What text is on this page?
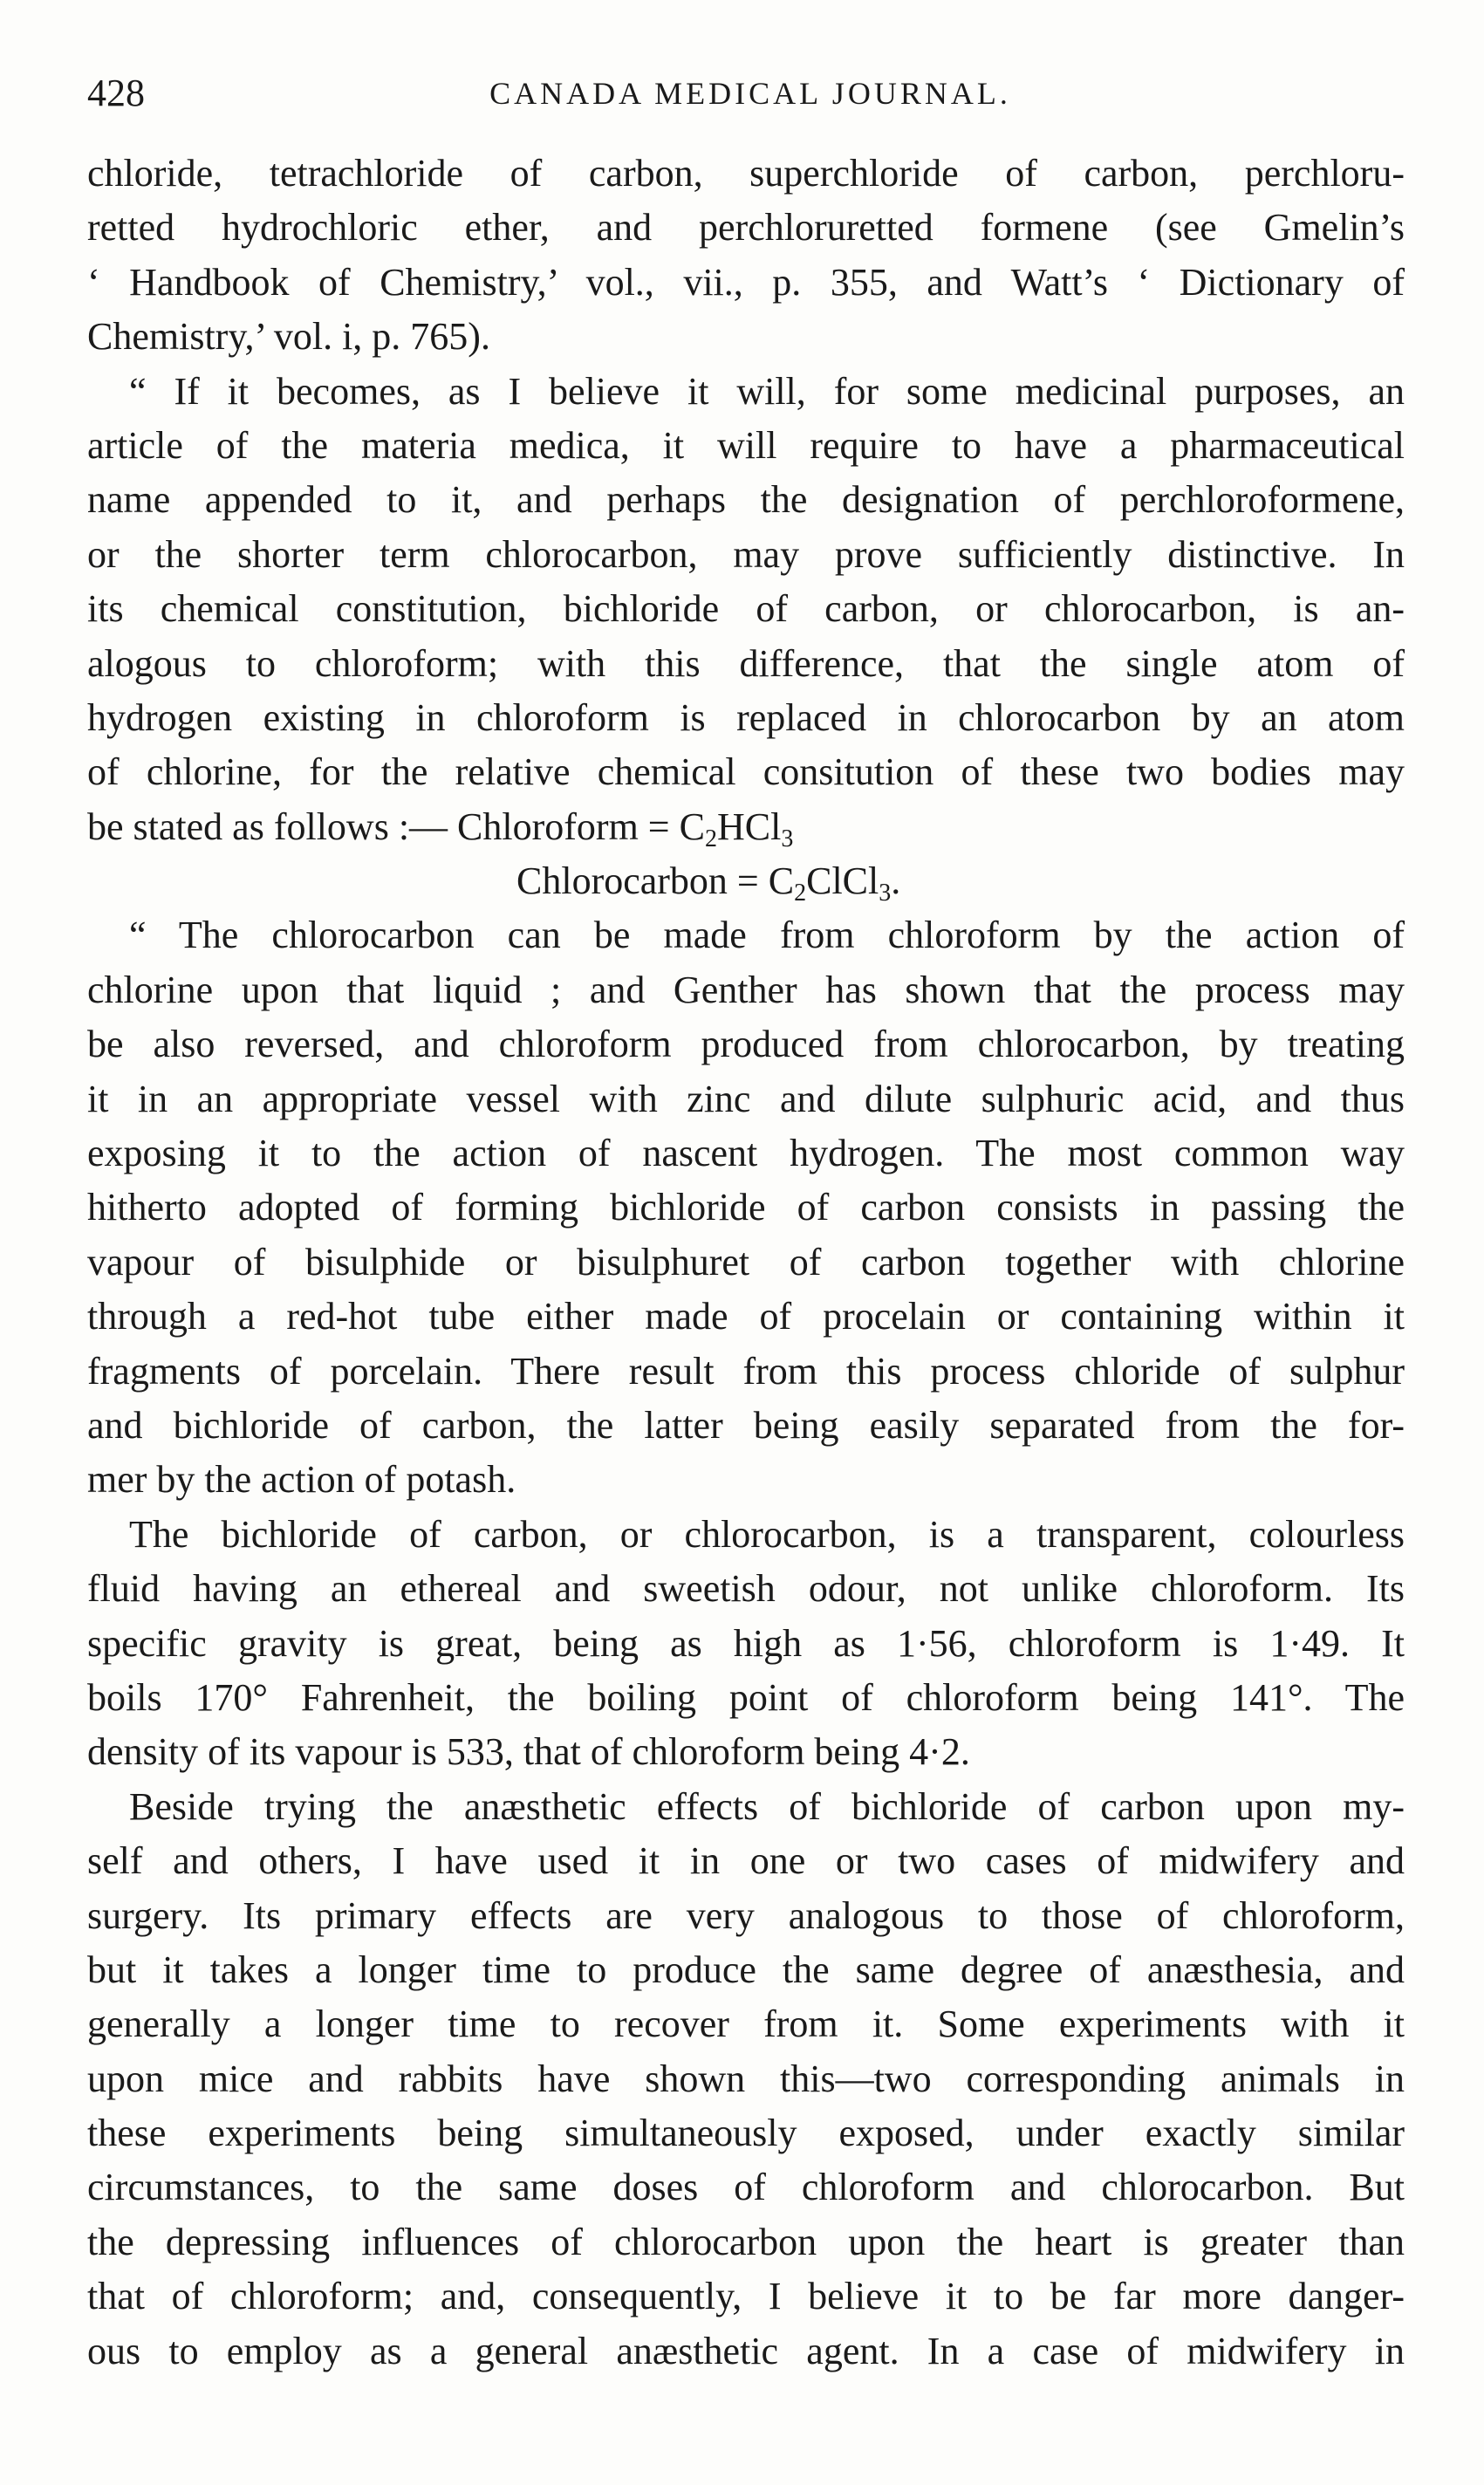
428	CANADA MEDICAL JOURNAL.
chloride, tetrachloride of carbon, superchloride of carbon, perchloru-
retted hydrochloric ether, and perchloruretted formene (see Gmelin’s
‘ Handbook of Chemistry,’ vol., vii., p. 355, and Watt’s ‘ Dictionary of
Chemistry,’ vol. i, p. 765).
“ If it becomes, as I believe it will, for some medicinal purposes, an
article of the materia medica, it will require to have a pharmaceutical
name appended to it, and perhaps the designation of perchloroformene,
or the shorter term chlorocarbon, may prove sufficiently distinctive. In
its chemical constitution, bichloride of carbon, or chlorocarbon, is an-
alogous to chloroform; with this difference, that the single atom of
hydrogen existing in chloroform is replaced in chlorocarbon by an atom
of chlorine, for the relative chemical consitution of these two bodies may
be stated as follows :— Chloroform = $C_2HCl_3$
Chlorocarbon = $C_2ClCl_3$.
“ The chlorocarbon can be made from chloroform by the action of
chlorine upon that liquid ; and Genther has shown that the process may
be also reversed, and chloroform produced from chlorocarbon, by treating
it in an appropriate vessel with zinc and dilute sulphuric acid, and thus
exposing it to the action of nascent hydrogen. The most common way
hitherto adopted of forming bichloride of carbon consists in passing the
vapour of bisulphide or bisulphuret of carbon together with chlorine
through a red-hot tube either made of procelain or containing within it
fragments of porcelain. There result from this process chloride of sulphur
and bichloride of carbon, the latter being easily separated from the for-
mer by the action of potash.
The bichloride of carbon, or chlorocarbon, is a transparent, colourless
fluid having an ethereal and sweetish odour, not unlike chloroform. Its
specific gravity is great, being as high as 1·56, chloroform is 1·49. It
boils 170° Fahrenheit, the boiling point of chloroform being 141°. The
density of its vapour is 533, that of chloroform being 4·2.
Beside trying the anæsthetic effects of bichloride of carbon upon my-
self and others, I have used it in one or two cases of midwifery and
surgery. Its primary effects are very analogous to those of chloroform,
but it takes a longer time to produce the same degree of anæsthesia, and
generally a longer time to recover from it. Some experiments with it
upon mice and rabbits have shown this—two corresponding animals in
these experiments being simultaneously exposed, under exactly similar
circumstances, to the same doses of chloroform and chlorocarbon. But
the depressing influences of chlorocarbon upon the heart is greater than
that of chloroform; and, consequently, I believe it to be far more danger-
ous to employ as a general anæsthetic agent. In a case of midwifery in
